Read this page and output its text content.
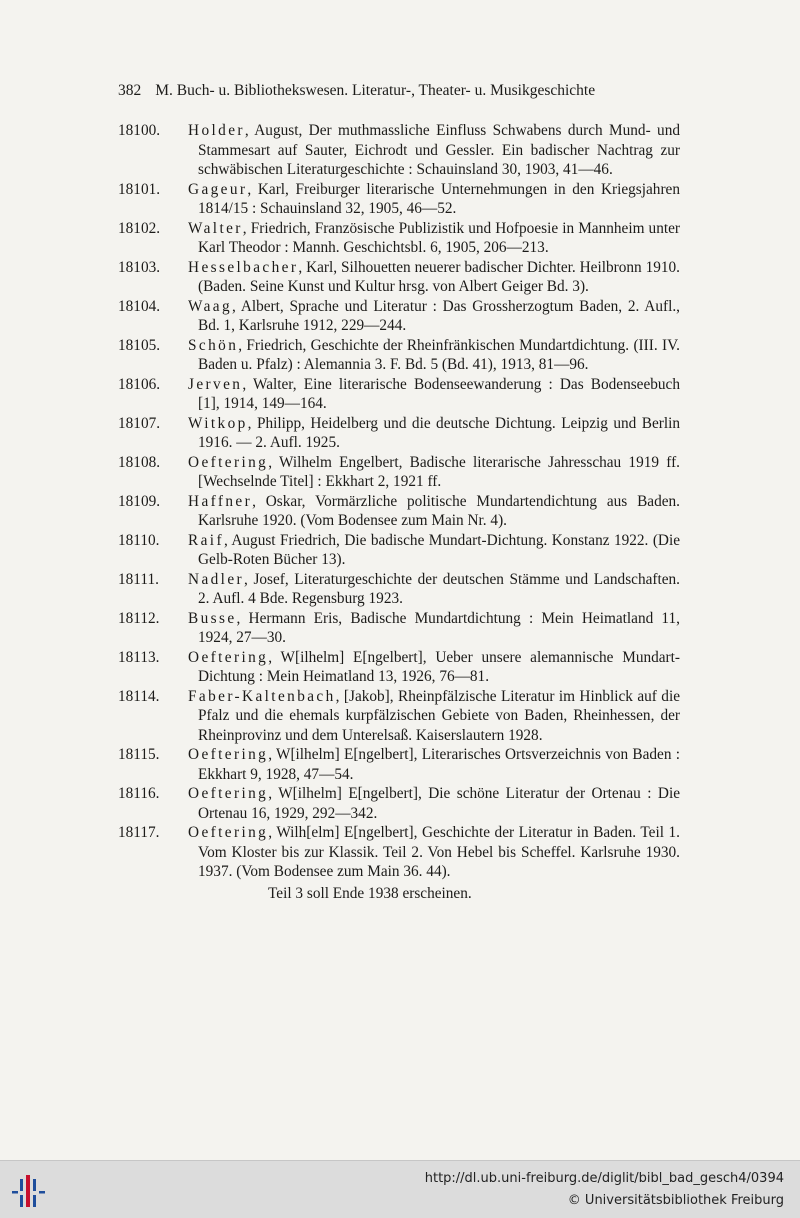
382 M. Buch- u. Bibliothekswesen. Literatur-, Theater- u. Musikgeschichte
18100. Holder, August, Der muthmassliche Einfluss Schwabens durch Mund- und Stammesart auf Sauter, Eichrodt und Gessler. Ein badischer Nachtrag zur schwäbischen Literaturgeschichte : Schauinsland 30, 1903, 41—46.
18101. Gageur, Karl, Freiburger literarische Unternehmungen in den Kriegsjahren 1814/15 : Schauinsland 32, 1905, 46—52.
18102. Walter, Friedrich, Französische Publizistik und Hofpoesie in Mannheim unter Karl Theodor : Mannh. Geschichtsbl. 6, 1905, 206—213.
18103. Hesselbacher, Karl, Silhouetten neuerer badischer Dichter. Heilbronn 1910. (Baden. Seine Kunst und Kultur hrsg. von Albert Geiger Bd. 3).
18104. Waag, Albert, Sprache und Literatur : Das Grossherzogtum Baden, 2. Aufl., Bd. 1, Karlsruhe 1912, 229—244.
18105. Schön, Friedrich, Geschichte der Rheinfränkischen Mundartdichtung. (III. IV. Baden u. Pfalz) : Alemannia 3. F. Bd. 5 (Bd. 41), 1913, 81—96.
18106. Jerven, Walter, Eine literarische Bodenseewanderung : Das Bodenseebuch [1], 1914, 149—164.
18107. Witkop, Philipp, Heidelberg und die deutsche Dichtung. Leipzig und Berlin 1916. — 2. Aufl. 1925.
18108. Oeftering, Wilhelm Engelbert, Badische literarische Jahresschau 1919 ff. [Wechselnde Titel] : Ekkhart 2, 1921 ff.
18109. Haffner, Oskar, Vormärzliche politische Mundartendichtung aus Baden. Karlsruhe 1920. (Vom Bodensee zum Main Nr. 4).
18110. Raif, August Friedrich, Die badische Mundart-Dichtung. Konstanz 1922. (Die Gelb-Roten Bücher 13).
18111. Nadler, Josef, Literaturgeschichte der deutschen Stämme und Landschaften. 2. Aufl. 4 Bde. Regensburg 1923.
18112. Busse, Hermann Eris, Badische Mundartdichtung : Mein Heimatland 11, 1924, 27—30.
18113. Oeftering, W[ilhelm] E[ngelbert], Ueber unsere alemannische Mundart-Dichtung : Mein Heimatland 13, 1926, 76—81.
18114. Faber-Kaltenbach, [Jakob], Rheinpfälzische Literatur im Hinblick auf die Pfalz und die ehemals kurpfälzischen Gebiete von Baden, Rheinhessen, der Rheinprovinz und dem Unterelsaß. Kaiserslautern 1928.
18115. Oeftering, W[ilhelm] E[ngelbert], Literarisches Ortsverzeichnis von Baden : Ekkhart 9, 1928, 47—54.
18116. Oeftering, W[ilhelm] E[ngelbert], Die schöne Literatur der Ortenau : Die Ortenau 16, 1929, 292—342.
18117. Oeftering, Wilh[elm] E[ngelbert], Geschichte der Literatur in Baden. Teil 1. Vom Kloster bis zur Klassik. Teil 2. Von Hebel bis Scheffel. Karlsruhe 1930. 1937. (Vom Bodensee zum Main 36. 44).
Teil 3 soll Ende 1938 erscheinen.
http://dl.ub.uni-freiburg.de/diglit/bibl_bad_gesch4/0394
© Universitätsbibliothek Freiburg
